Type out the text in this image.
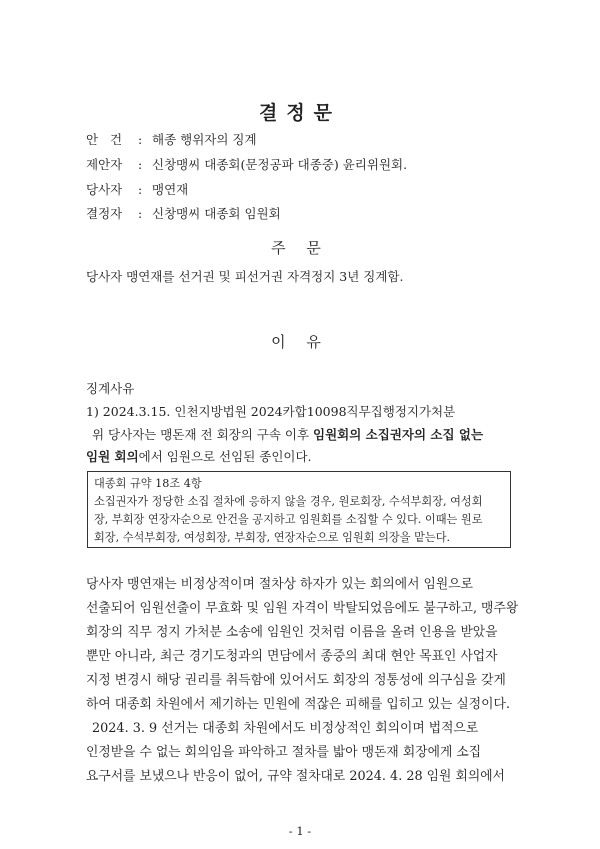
결정문
안   건 : 해종 행위자의 징계
제안자 : 신창맹씨 대종회(문정공파 대종중) 윤리위원회.
당사자 : 맹연재
결정자 : 신창맹씨 대종회 임원회
주 문
당사자 맹연재를 선거권 및 피선거권 자격정지 3년 징계함.
이 유
징계사유
1) 2024.3.15. 인천지방법원 2024카합10098직무집행정지가처분
위 당사자는 맹돈재 전 회장의 구속 이후 임원회의 소집권자의 소집 없는
임원 회의에서 임원으로 선임된 종인이다.
대종회 규약 18조 4항
소집권자가 정당한 소집 절차에 응하지 않을 경우, 원로회장, 수석부회장, 여성회
장, 부회장 연장자순으로 안건을 공지하고 임원회를 소집할 수 있다. 이때는 원로
회장, 수석부회장, 여성회장, 부회장, 연장자순으로 임원회 의장을 맡는다.
당사자 맹연재는 비정상적이며 절차상 하자가 있는 회의에서 임원으로
선출되어 임원선출이 무효화 및 임원 자격이 박탈되었음에도 불구하고, 맹주왕
회장의 직무 정지 가처분 소송에 임원인 것처럼 이름을 올려 인용을 받았을
뿐만 아니라, 최근 경기도청과의 면담에서 종중의 최대 현안 목표인 사업자
지정 변경시 해당 권리를 취득함에 있어서도 회장의 정통성에 의구심을 갖게
하여 대종회 차원에서 제기하는 민원에 적잖은 피해를 입히고 있는 실정이다.
2024. 3. 9 선거는 대종회 차원에서도 비정상적인 회의이며 법적으로
인정받을 수 없는 회의임을 파악하고 절차를 밟아 맹돈재 회장에게 소집
요구서를 보냈으나 반응이 없어, 규약 절차대로 2024. 4. 28 임원 회의에서
- 1 -
